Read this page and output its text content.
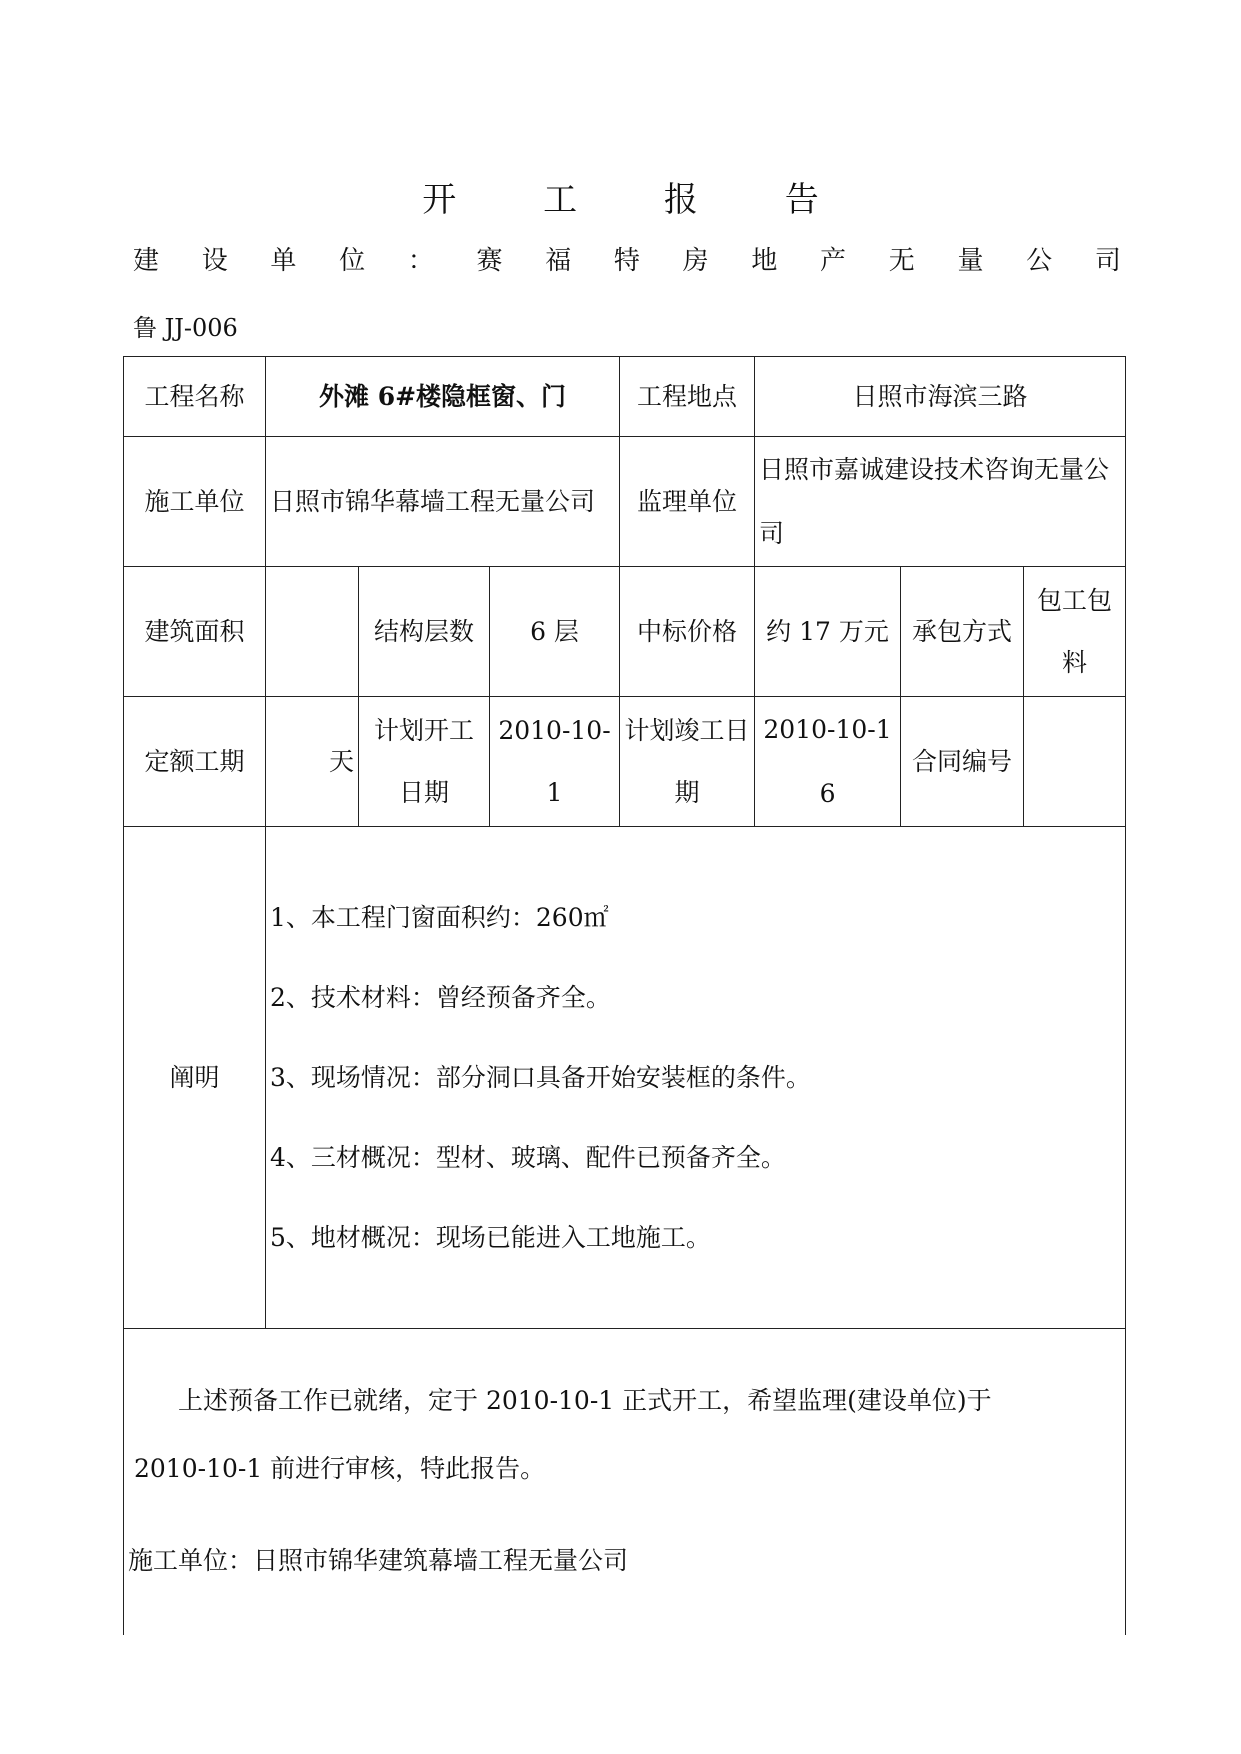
开 工 报 告
建 设 单 位 ： 赛 福 特 房 地 产 无 量 公 司
鲁 JJ-006
工程名称	外滩 6#楼隐框窗、门			工程地点	日照市海滨三路		
施工单位	日照市锦华幕墙工程无量公司			监理单位	日照市嘉诚建设技术咨询无量公司		
建筑面积		结构层数	6 层	中标价格	约 17 万元	承包方式	包工包料
定额工期	天	计划开工日期	2010-10-1	计划竣工日期	2010-10-16	合同编号	
阐明	1、本工程门窗面积约：260㎡
2、技术材料：曾经预备齐全。
3、现场情况：部分洞口具备开始安装框的条件。
4、三材概况：型材、玻璃、配件已预备齐全。
5、地材概况：现场已能进入工地施工。						

上述预备工作已就绪，定于 2010-10-1 正式开工，希望监理(建设单位)于
2010-10-1 前进行审核，特此报告。
施工单位：日照市锦华建筑幕墙工程无量公司							
